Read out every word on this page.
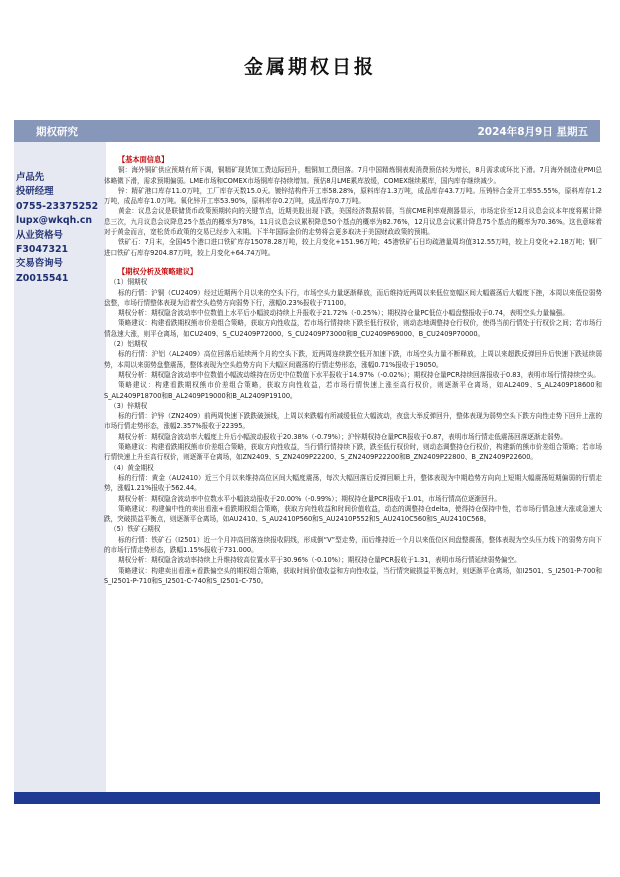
金属期权日报
期权研究	2024年8月9日 星期五
卢品先
投研经理
0755-23375252
lupx@wkqh.cn
从业资格号
F3047321
交易咨询号
Z0015541

【基本面信息】

铜：海外铜矿供应预期有所下调，铜精矿现货加工费边际回升，粗铜加工费回落。7月中国精炼铜表观消费预估转为增长，8月需求或环比下滑。7月海外制造业PMI总体略微下滑，需求预期偏弱。LME市场和COMEX市场铜库存持续增加。预估8月LME累库放缓，COMEX继续累库，国内库存继续减少。

锌：精矿港口库存11.0万吨，工厂库存天数15.0天。镀锌结构件开工率58.28%，原料库存1.3万吨，成品库存43.7万吨。压铸锌合金开工率55.55%，原料库存1.2万吨，成品库存1.0万吨。氧化锌开工率53.90%，原料库存0.2万吨，成品库存0.7万吨。

黄金：议息会议是联储货币政策预期转向的关键节点，近期美股出现下跌，美国经济数据转弱，当前CME利率观测器显示，市场定价至12月议息会议本年度将累计降息三次，九月议息会议降息25个基点的概率为78%，11月议息会议累积降息50个基点的概率为82.76%，12月议息会议累计降息75个基点的概率为70.36%。这也意味着对于黄金而言，宽松货币政策的交易已经步入末期。下半年国际金价的走势将会更多取决于美国财政政策的预期。

铁矿石：7月末，全国45个港口进口铁矿库存15078.28万吨，较上月变化+151.96万吨；45港铁矿石日均疏港量周均值312.55万吨，较上月变化+2.18万吨；钢厂进口铁矿石库存9204.87万吨，较上月变化+64.74万吨。

【期权分析及策略建议】

（1）铜期权

标的行情：沪铜（CU2409）经过近期两个月以来的空头下行，市场空头力量逐渐释放，而后维持近两周以来低位宽幅区间大幅震荡后大幅度下挫，本周以来低位弱势盘整，市场行情整体表现为沿着空头趋势方向弱势下行，涨幅0.23%报收于71100。

期权分析：期权隐含波动率中位数值上水平后小幅波动持续上升报收于21.72%（-0.25%）；期权持仓量PC低位小幅盘整报收于0.74，表明空头力量偏强。

策略建议：构建看跌期权熊市价差组合策略，获取方向性收益，若市场行情持续下跌至低行权价，则动态地调整持仓行权价，使得当前行情处于行权价之间；若市场行情急速大涨，则平仓离场，如CU2409、S_CU2409P72000、S_CU2409P73000和B_CU2409P69000、B_CU2409P70000。

（2）铝期权

标的行情：沪铝（AL2409）高位回落后延续两个月的空头下跌，近两周连续跌空低开加速下跌，市场空头力量不断释放，上周以来超跌反弹回升后快速下跌延续弱势，本周以来弱势盘整震荡，整体表现为空头趋势方向下大幅区间震荡的行情走势形态，涨幅0.71%报收于19050。

期权分析：期权隐含波动率中位数值小幅波动维持在历史中位数值下水平报收于14.97%（-0.02%）；期权持仓量PCR持续回落报收于0.83，表明市场行情持续空头。

策略建议：构建看跌期权熊市价差组合策略，获取方向性收益，若市场行情快速上涨至高行权价，则逐渐平仓离场，如AL2409、S_AL2409P18600和S_AL2409P18700和B_AL2409P19000和B_AL2409P19100。

（3）锌期权

标的行情：沪锌（ZN2409）前两周快速下跌跌破颈线，上周以来跌幅有所减缓低位大幅波动，夜盘大举反弹回升，整体表现为弱势空头下跌方向性走势下回升上涨的市场行情走势形态，涨幅2.357%报收于22395。

期权分析：期权隐含波动率大幅度上升后小幅波动报收于20.38%（-0.79%）；沪锌期权持仓量PCR报收于0.87，表明市场行情走低震荡回落逐渐走弱势。

策略建议：构建看跌期权熊市价差组合策略，获取方向性收益，当行情行情持续下跌，跌至低行权价时，则动态调整持仓行权价，构建新的熊市价差组合策略；若市场行情快速上升至高行权价，则逐渐平仓离场，如ZN2409、S_ZN2409P22200、S_ZN2409P22200和B_ZN2409P22800、B_ZN2409P22600。

（4）黄金期权

标的行情：黄金（AU2410）近三个月以来维持高位区间大幅度震荡，每次大幅回落后反弹回顺上升，整体表现为中期趋势方向向上短期大幅震荡短期偏弱的行情走势，涨幅1.21%报收于562.44。

期权分析：期权隐含波动率中位数水平小幅波动报收于20.00%（-0.99%）；期权持仓量PCR报收于1.01，市场行情高位逐渐回升。

策略建议：构建偏中性的卖出看涨+看跌期权组合策略，获取方向性收益和时间价值收益，动态的调整持仓delta，使得持仓保持中性，若市场行情急速大涨或急速大跌，突破损益平衡点，则逐渐平仓离场，如AU2410、S_AU2410P560和S_AU2410P552和S_AU2410C560和S_AU2410C568。

（5）铁矿石期权

标的行情：铁矿石（I2501）近一个月冲高回落连续报收阴线，形成倒“V”型走势，而后维持近一个月以来低位区间盘整震荡，整体表现为空头压力线下的弱势方向下的市场行情走势形态，跌幅1.15%报收于731.000。

期权分析：期权隐含波动率持续上升维持较高位置水平于30.96%（-0.10%）；期权持仓量PCR报收于1.31，表明市场行情延续弱势偏空。

策略建议：构建卖出看涨+看跌偏空头的期权组合策略，获取时间价值收益和方向性收益，当行情突破损益平衡点时，则逐渐平仓离场，如I2501、S_I2501-P-700和S_I2501-P-710和S_I2501-C-740和S_I2501-C-750。
